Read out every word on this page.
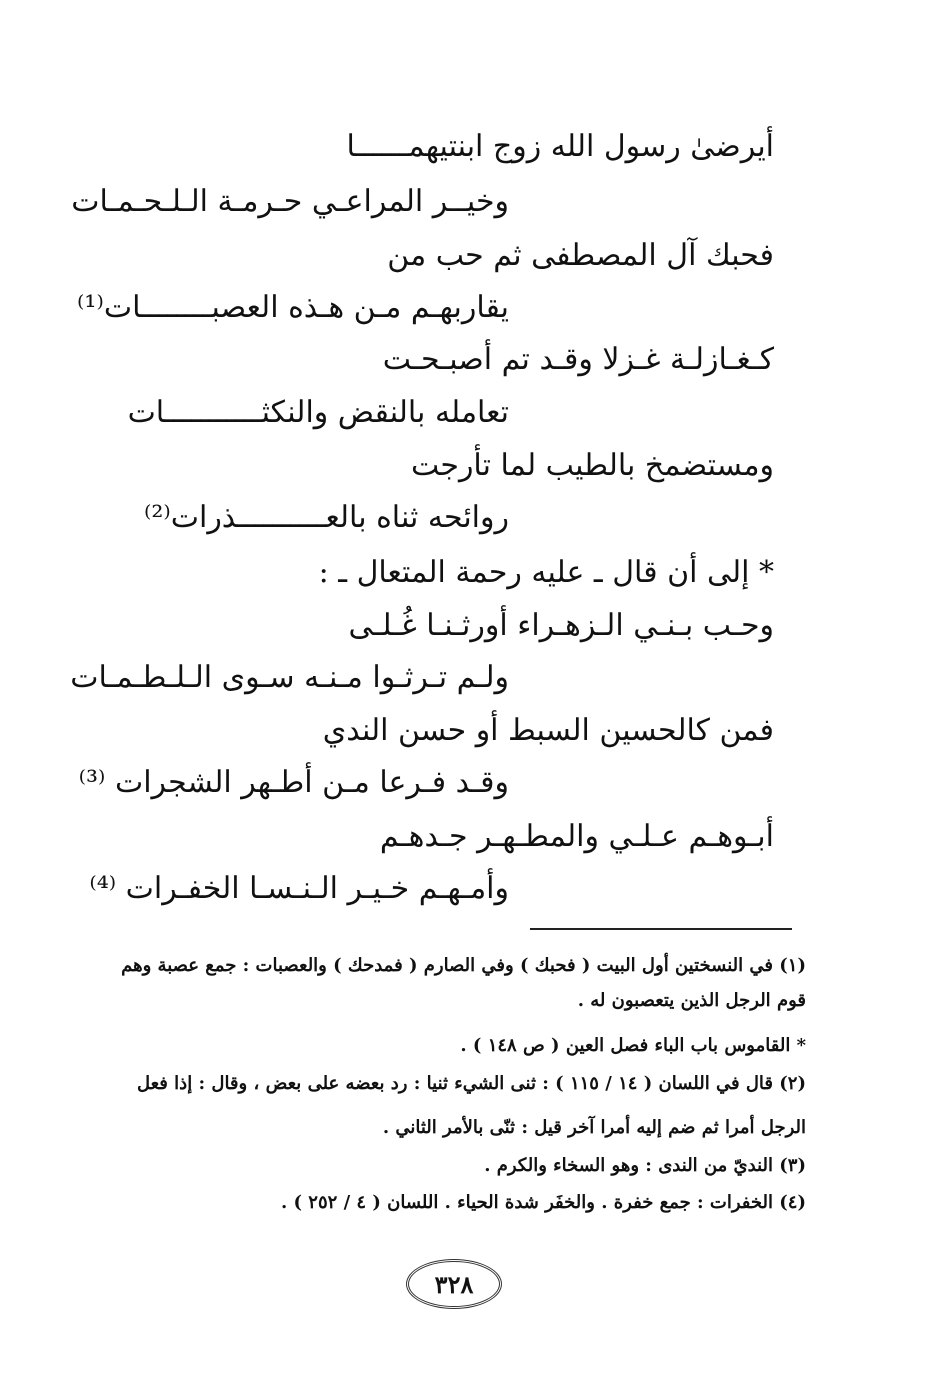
أيرضىٰ رسول الله زوج ابنتيهمــــــا
وخيــر المراعـي حـرمـة الـلـحـمـات
فحبك آل المصطفى ثم حب من
يقاربهـم مـن هـذه العصبــــــــات⁽¹⁾
كـغـازلـة غـزلا وقـد تم أصبـحـت
تعامله بالنقض والنكثـــــــــــات
ومستضمخ بالطيب لما تأرجت
روائحه ثناه بالعــــــــــذرات⁽²⁾
* إلى أن قال ـ عليه رحمة المتعال ـ :
وحـب بـنـي الـزهـراء أورثـنـا غُـلـى
ولـم تـرثـوا مـنـه سـوى الـلـطـمـات
فمن كالحسين السبط أو حسن الندي
وقـد فـرعا مـن أطـهر الشجرات ⁽³⁾
أبـوهـم عـلـي والمطـهـر جـدهـم
وأمـهـم خـيـر الـنـسـا الخفـرات ⁽⁴⁾
(١) في النسختين أول البيت ( فحبك ) وفي الصارم ( فمدحك ) والعصبات : جمع عصبة وهم
قوم الرجل الذين يتعصبون له .
* القاموس باب الباء فصل العين ( ص ١٤٨ ) .
(٢) قال في اللسان ( ١٤ / ١١٥ ) : ثنى الشيء ثنيا : رد بعضه على بعض ، وقال : إذا فعل
الرجل أمرا ثم ضم إليه أمرا آخر قيل : ثنّى بالأمر الثاني .
(٣) النديّ من الندى : وهو السخاء والكرم .
(٤) الخفرات : جمع خفرة . والخفَر شدة الحياء . اللسان ( ٤ / ٢٥٢ ) .
٣٢٨
